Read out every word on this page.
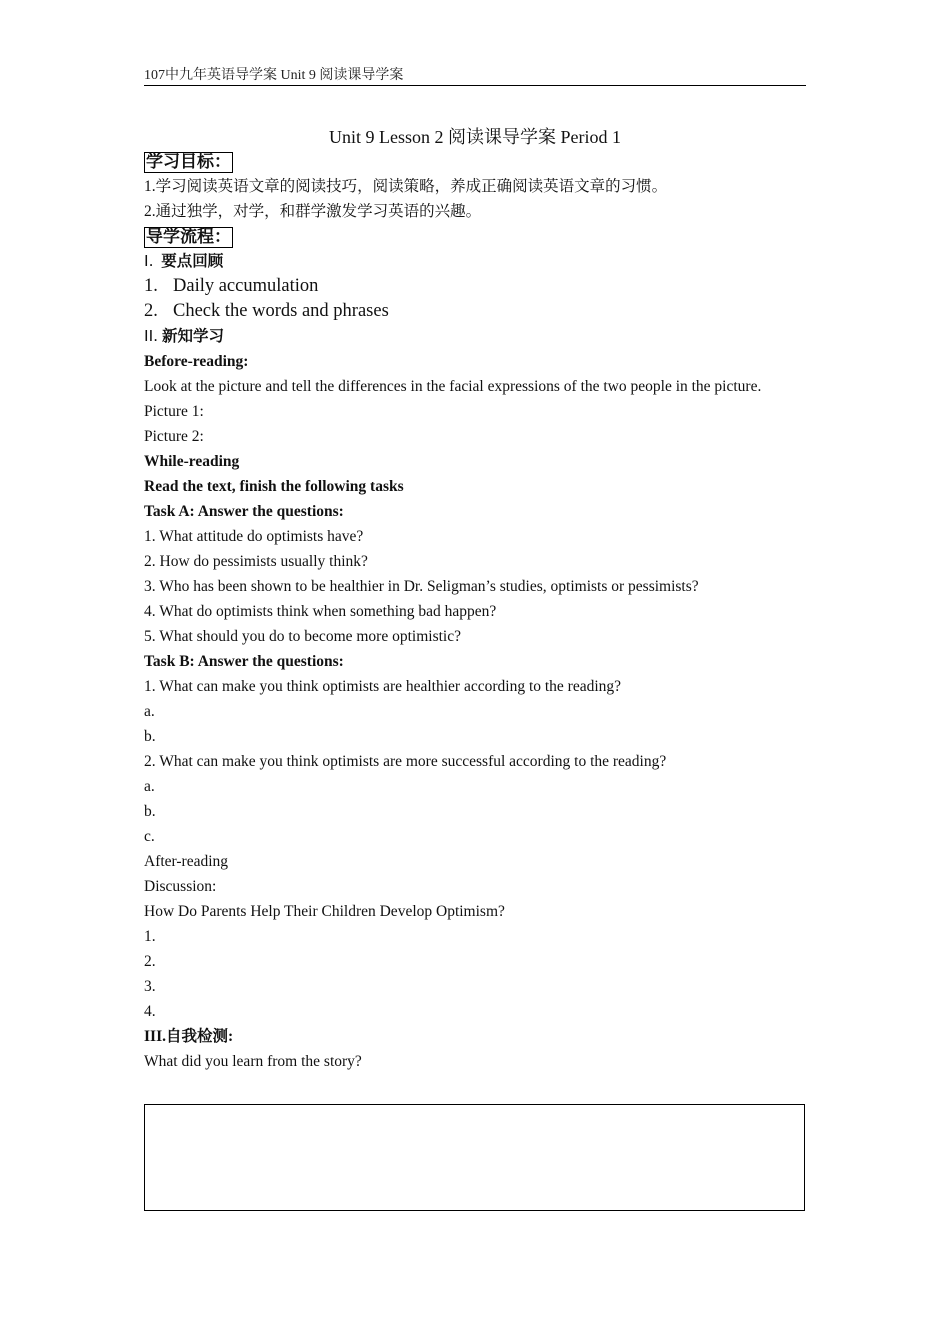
107中九年英语导学案 Unit 9 阅读课导学案
Unit 9 Lesson 2 阅读课导学案 Period 1
学习目标：
1.学习阅读英语文章的阅读技巧，阅读策略，养成正确阅读英语文章的习惯。
2.通过独学，对学，和群学激发学习英语的兴趣。
导学流程：
I. 要点回顾
1. Daily accumulation
2. Check the words and phrases
II. 新知学习
Before-reading:
Look at the picture and tell the differences in the facial expressions of the two people in the picture.
Picture 1:
Picture 2:
While-reading
Read the text, finish the following tasks
Task A: Answer the questions:
1. What attitude do optimists have?
2. How do pessimists usually think?
3. Who has been shown to be healthier in Dr. Seligman’s studies, optimists or pessimists?
4. What do optimists think when something bad happen?
5. What should you do to become more optimistic?
Task B: Answer the questions:
1. What can make you think optimists are healthier according to the reading?
a.
b.
2. What can make you think optimists are more successful according to the reading?
a.
b.
c.
After-reading
Discussion:
How Do Parents Help Their Children Develop Optimism?
1.
2.
3.
4.
III.自我检测:
What did you learn from the story?
